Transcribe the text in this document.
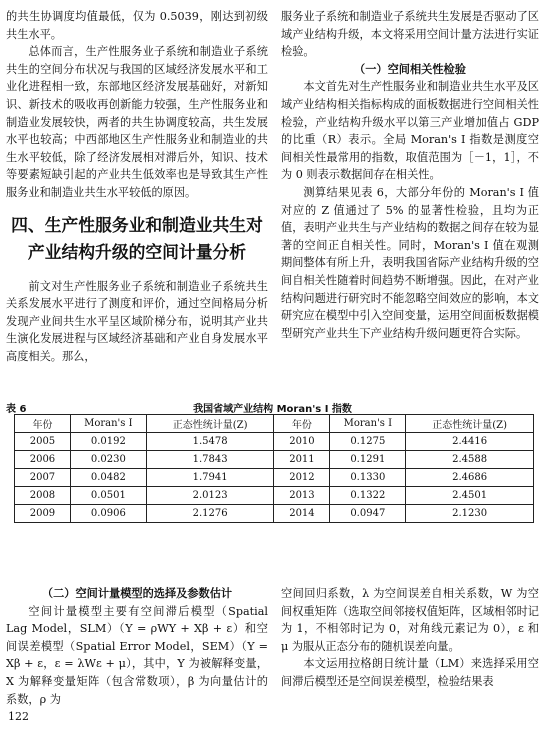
的共生协调度均值最低，仅为 0.5039，刚达到初级共生水平。

总体而言，生产性服务业子系统和制造业子系统共生的空间分布状况与我国的区域经济发展水平和工业化进程相一致，东部地区经济发展基础好，对新知识、新技术的吸收再创新能力较强，生产性服务业和制造业发展较快，两者的共生协调度较高，共生发展水平也较高；中西部地区生产性服务业和制造业的共生水平较低，除了经济发展相对滞后外，知识、技术等要素短缺引起的产业共生低效率也是导致其生产性服务业和制造业共生水平较低的原因。

四、生产性服务业和制造业共生对产业结构升级的空间计量分析

前文对生产性服务业子系统和制造业子系统共生关系发展水平进行了测度和评价，通过空间格局分析发现产业间共生水平呈区域阶梯分布，说明其产业共生演化发展进程与区域经济基础和产业自身发展水平高度相关。那么，

服务业子系统和制造业子系统共生发展是否驱动了区域产业结构升级，本文将采用空间计量方法进行实证检验。

（一）空间相关性检验

本文首先对生产性服务业和制造业共生水平及区域产业结构相关指标构成的面板数据进行空间相关性检验，产业结构升级水平以第三产业增加值占 GDP 的比重（R）表示。全局 Moran's I 指数是测度空间相关性最常用的指数，取值范围为［－1，1］，不为 0 则表示数据间存在相关性。

测算结果见表 6，大部分年份的 Moran's I 值对应的 Z 值通过了 5% 的显著性检验，且均为正值，表明产业共生与产业结构的数据之间存在较为显著的空间正自相关性。同时，Moran's I 值在观测期间整体有所上升，表明我国省际产业结构升级的空间自相关性随着时间趋势不断增强。因此，在对产业结构问题进行研究时不能忽略空间效应的影响，本文研究应在模型中引入空间变量，运用空间面板数据模型研究产业共生下产业结构升级问题更符合实际。

表 6	我国省域产业结构 Moran's I 指数
年份	Moran's I	正态性统计量(Z)	年份	Moran's I	正态性统计量(Z)
2005	0.0192	1.5478	2010	0.1275	2.4416
2006	0.0230	1.7843	2011	0.1291	2.4588
2007	0.0482	1.7941	2012	0.1330	2.4686
2008	0.0501	2.0123	2013	0.1322	2.4501
2009	0.0906	2.1276	2014	0.0947	2.1230

（二）空间计量模型的选择及参数估计

空间计量模型主要有空间滞后模型（Spatial Lag Model，SLM）（Y = ρWY + Xβ + ε）和空间误差模型（Spatial Error Model，SEM）（Y = Xβ + ε，ε = λWε + μ），其中，Y 为被解释变量，X 为解释变量矩阵（包含常数项），β 为向量估计的系数，ρ 为

空间回归系数，λ 为空间误差自相关系数，W 为空间权重矩阵（选取空间邻接权值矩阵，区域相邻时记为 1，不相邻时记为 0，对角线元素记为 0），ε 和 μ 为服从正态分布的随机误差向量。

本文运用拉格朗日统计量（LM）来选择采用空间滞后模型还是空间误差模型，检验结果表

122
